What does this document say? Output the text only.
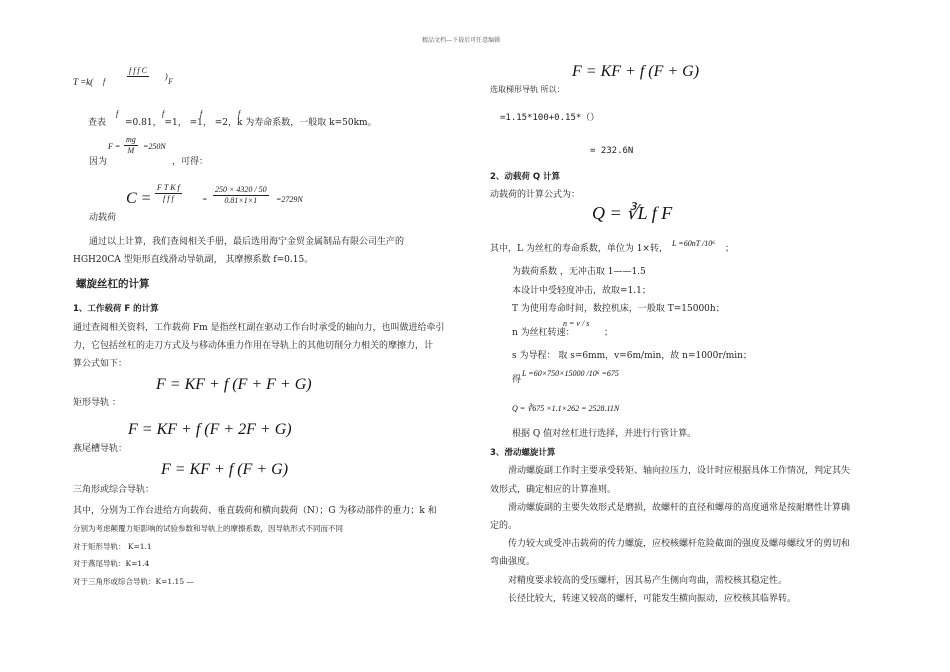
精品文档---下载后可任意编辑
T =k( f f f C
f	F
)
查表
f	f	f	f
=0.81， =1， =1， =2，k 为寿命系数，一般取 k=50km。
$F = \frac{mg}{M} =250N$
因为	，可得：
$C = \frac{\text{F T K f}}{\text{f f f}}$	= $\frac{250 \times 4320 / 50}{0.81\times 1\times 1} =2729N$
动载荷
通过以上计算，我们查阅相关手册，最后选用海宁金贸金属制品有限公司生产的
HGH20CA 型矩形直线滑动导轨副， 其摩擦系数 f=0.15。
螺旋丝杠的计算
1、工作载荷 F 的计算
通过查阅相关资料，工作载荷 Fm 是指丝杠副在驱动工作台时承受的轴向力，也叫做进给牵引
力，它包括丝杠的走刀方式及与移动体重力作用在导轨上的其他切削分力相关的摩擦力，计
算公式如下：
F = KF + f (F + F + G)
矩形导轨 ：
F = KF + f (F + 2F + G)
燕尾槽导轨：
F = KF + f (F + G)
三角形或综合导轨：
其中，分别为工作台进给方向载荷、垂直载荷和横向载荷（N）；G 为移动部件的重力；k 和
分别为考虑颠覆力矩影响的试验参数和导轨上的摩擦系数，因导轨形式不同而不同
对于矩形导轨： K=1.1
对于燕尾导轨：K=1.4
对于三角形或综合导轨：K=1.15 —
F = KF + f (F + G)
选取梯形导轨 所以：
=1.15*100+0.15*（）
= 232.6N
2、动载荷 Q 计算
动载荷的计算公式为：
Q = ∛L f F
其中，L 为丝杠的寿命系数，单位为 1×转，
L =60nT /10⁶
；
为载荷系数 ，无冲击取 1——1.5
本设计中受轻度冲击，故取=1.1；
T 为使用寿命时间，数控机床，一般取 T=15000h；
n = v / s
n 为丝杠转速：	；
s 为导程： 取 s=6mm，v=6m/min，故 n=1000r/min；
得
L =60×750×15000 /10⁶ =675
Q = ∛675 ×1.1×262 = 2528.11N
根据 Q 值对丝杠进行选择，并进行行管计算。
3、滑动螺旋计算
滑动螺旋副工作时主要承受转矩、轴向拉压力，设计时应根据具体工作情况，判定其失
效形式，确定相应的计算准则。
滑动螺旋副的主要失效形式是磨损，故螺杆的直径和螺母的高度通常是按耐磨性计算确
定的。
传力较大或受冲击载荷的传力螺旋，应校核螺杆危险截面的强度及螺母螺纹牙的剪切和
弯曲强度。
对精度要求较高的受压螺杆，因其易产生侧向弯曲，需校核其稳定性。
长径比较大，转速又较高的螺杆，可能发生横向振动，应校核其临界转。
